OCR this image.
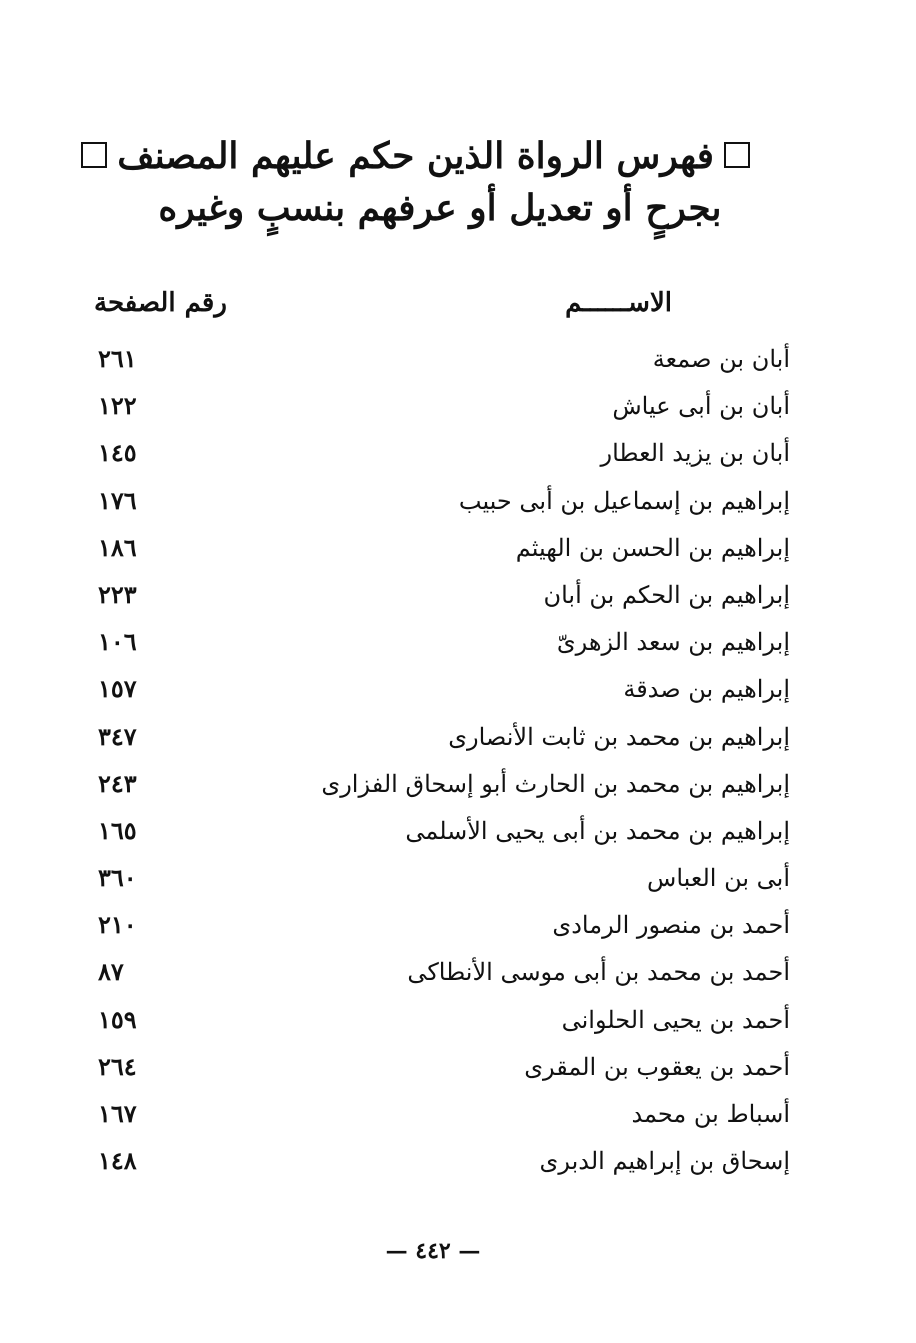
فهرس الرواة الذين حكم عليهم المصنف
بجرحٍ أو تعديل أو عرفهم بنسبٍ وغيره
الاســــــم
رقم الصفحة
أبان بن صمعة
٢٦١
أبان بن أبى عياش
١٢٢
أبان بن يزيد العطار
١٤٥
إبراهيم بن إسماعيل بن أبى حبيب
١٧٦
إبراهيم بن الحسن بن الهيثم
١٨٦
إبراهيم بن الحكم بن أبان
٢٢٣
إبراهيم بن سعد الزهرىّ
١٠٦
إبراهيم بن صدقة
١٥٧
إبراهيم بن محمد بن ثابت الأنصارى
٣٤٧
إبراهيم بن محمد بن الحارث أبو إسحاق الفزارى
٢٤٣
إبراهيم بن محمد بن أبى يحيى الأسلمى
١٦٥
أبى بن العباس
٣٦٠
أحمد بن منصور الرمادى
٢١٠
أحمد بن محمد بن أبى موسى الأنطاكى
٨٧
أحمد بن يحيى الحلوانى
١٥٩
أحمد بن يعقوب بن المقرى
٢٦٤
أسباط بن محمد
١٦٧
إسحاق بن إبراهيم الدبرى
١٤٨
— ٤٤٢ —
